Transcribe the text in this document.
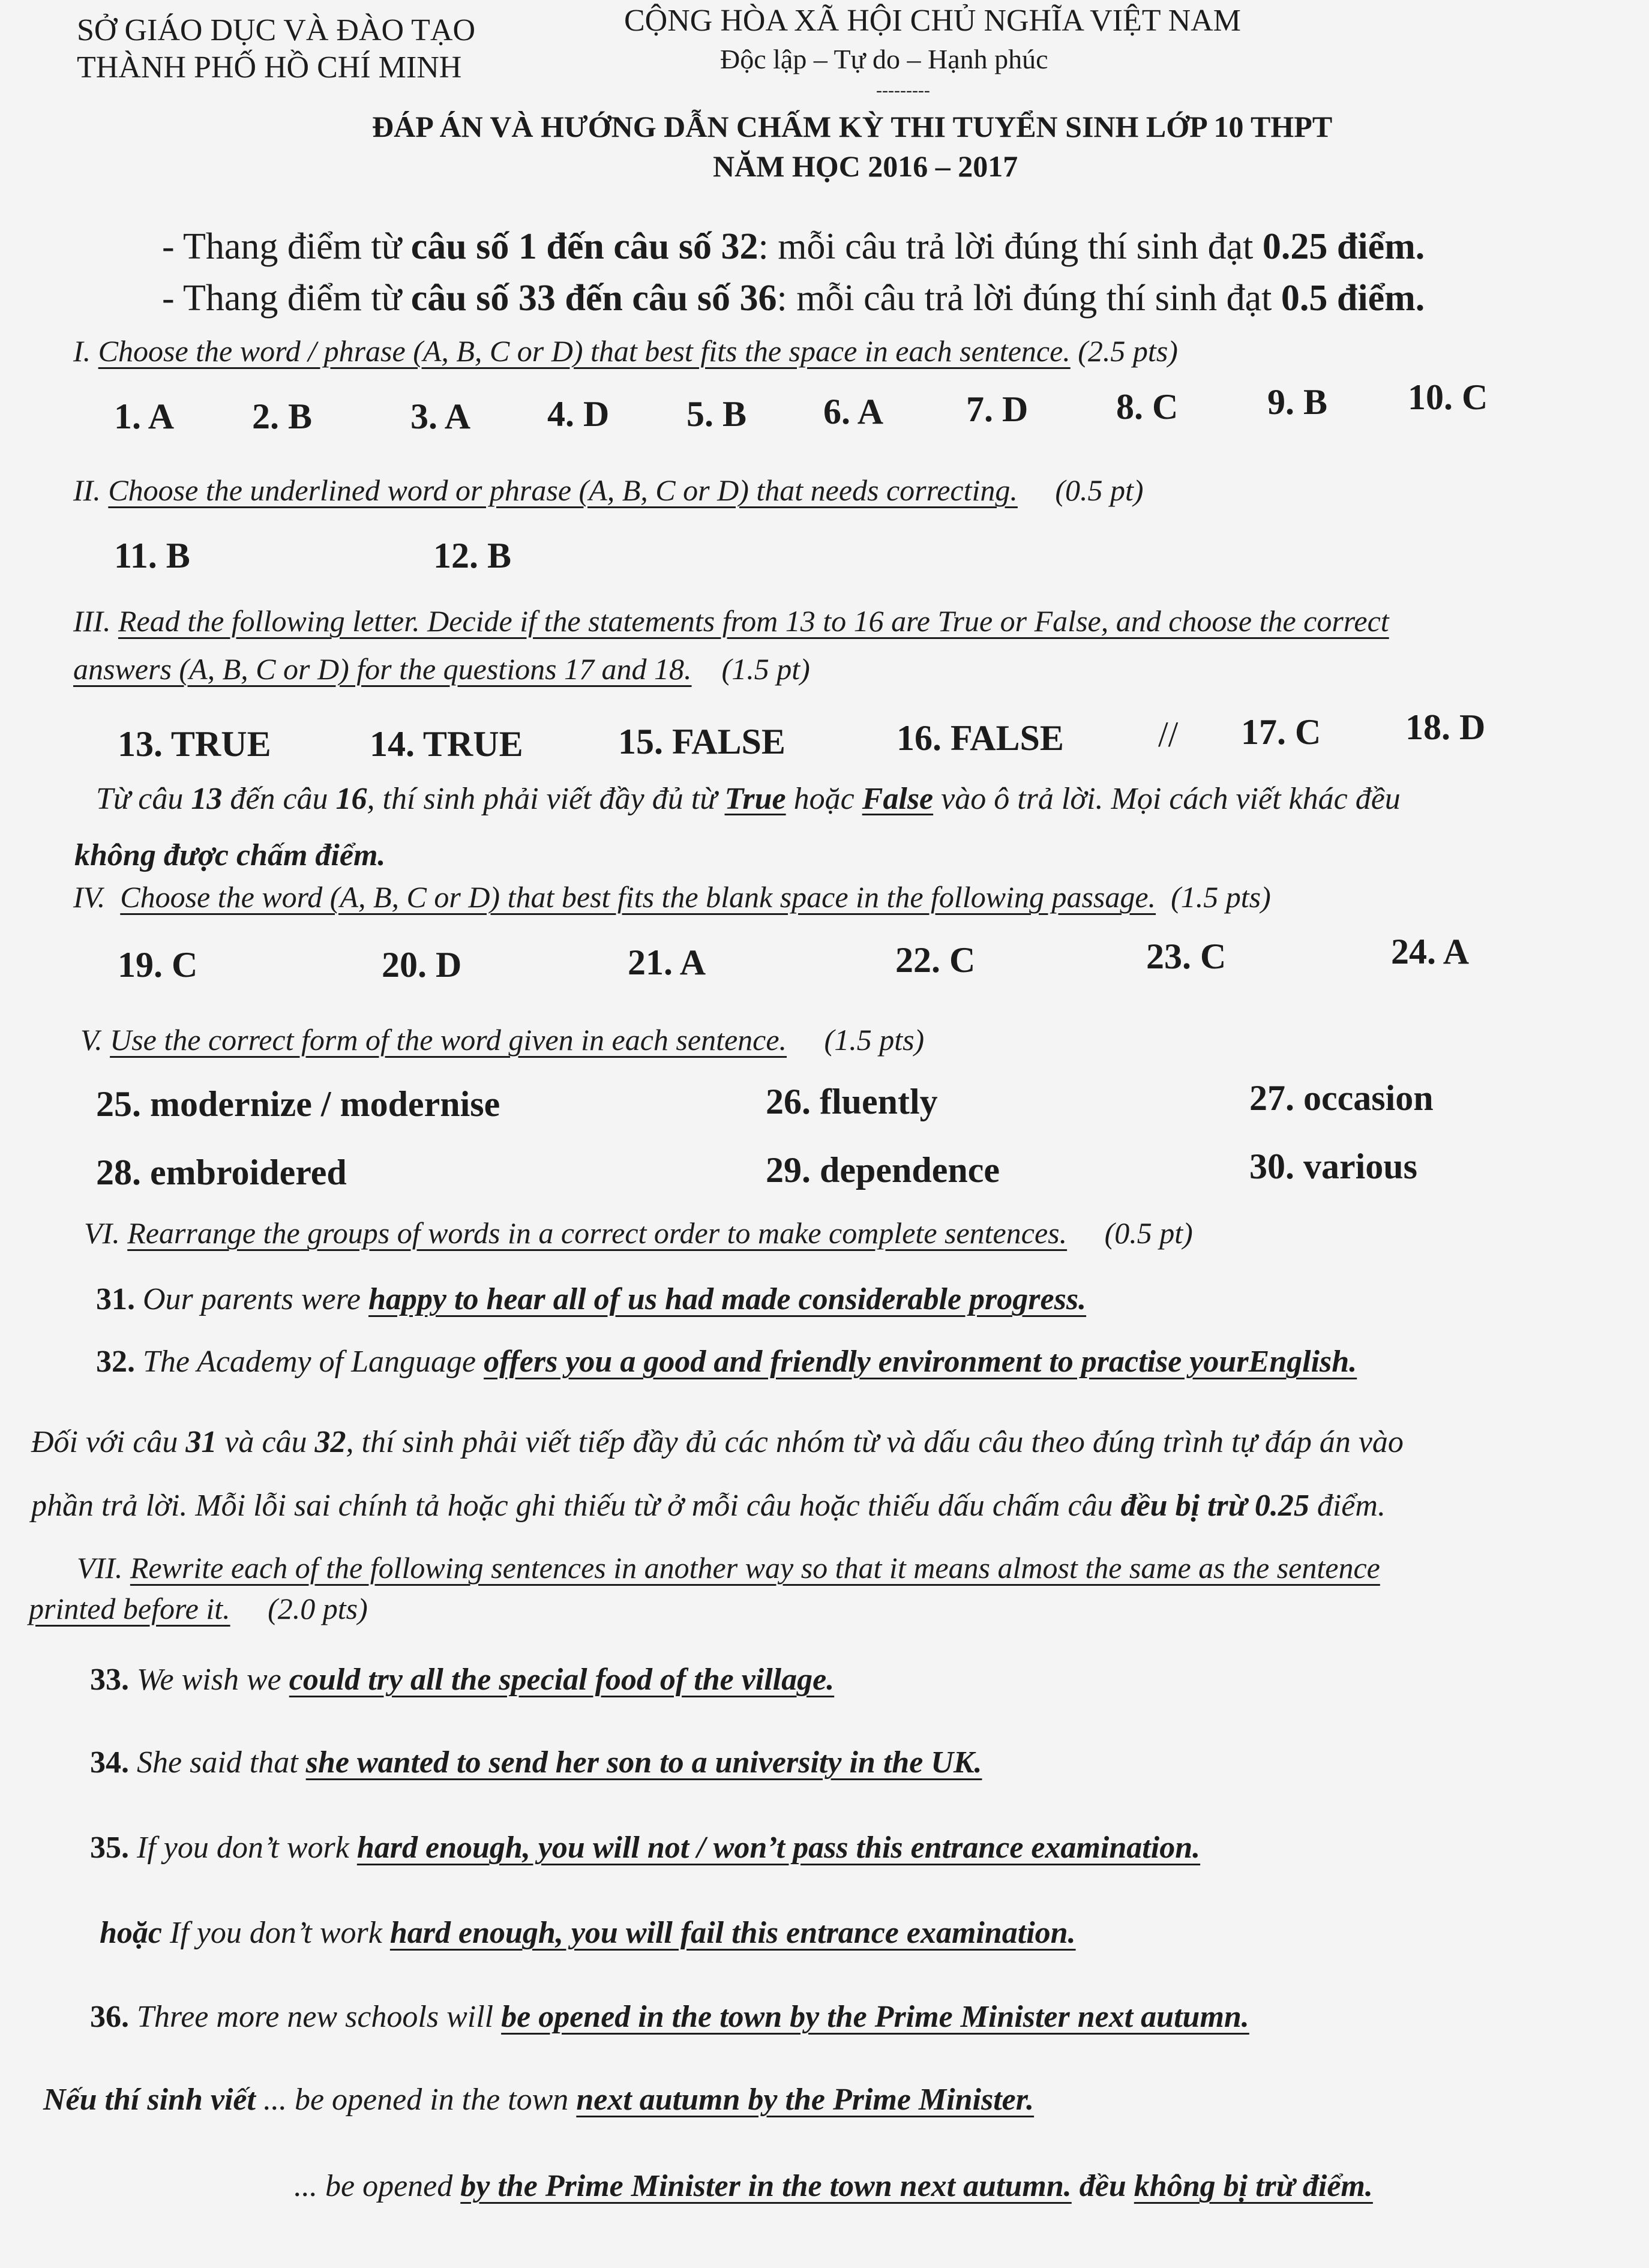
SỞ GIÁO DỤC VÀ ĐÀO TẠO
THÀNH PHỐ HỒ CHÍ MINH
CỘNG HÒA XÃ HỘI CHỦ NGHĨA VIỆT NAM
Độc lập – Tự do – Hạnh phúc
---------
ĐÁP ÁN VÀ HƯỚNG DẪN CHẤM KỲ THI TUYỂN SINH LỚP 10 THPT
NĂM HỌC 2016 – 2017
- Thang điểm từ câu số 1 đến câu số 32: mỗi câu trả lời đúng thí sinh đạt 0.25 điểm.
- Thang điểm từ câu số 33 đến câu số 36: mỗi câu trả lời đúng thí sinh đạt 0.5 điểm.
I. Choose the word / phrase (A, B, C or D) that best fits the space in each sentence. (2.5 pts)
1. A 2. B	3. A 4. D 5. B 6. A 7. D 8. C 9. B 10. C
II. Choose the underlined word or phrase (A, B, C or D) that needs correcting. (0.5 pt)
11. B	12. B
III. Read the following letter. Decide if the statements from 13 to 16 are True or False, and choose the correct
answers (A, B, C or D) for the questions 17 and 18. (1.5 pt)
13. TRUE	14. TRUE	15. FALSE	16. FALSE	// 17. C 18. D
Từ câu 13 đến câu 16, thí sinh phải viết đầy đủ từ True hoặc False vào ô trả lời. Mọi cách viết khác đều
không được chấm điểm.
IV. Choose the word (A, B, C or D) that best fits the blank space in the following passage. (1.5 pts)
19. C	20. D	21. A	22. C	23. C	24. A
V. Use the correct form of the word given in each sentence. (1.5 pts)
25. modernize / modernise	26. fluently	27. occasion
28. embroidered	29. dependence	30. various
VI. Rearrange the groups of words in a correct order to make complete sentences. (0.5 pt)
31. Our parents were happy to hear all of us had made considerable progress.
32. The Academy of Language offers you a good and friendly environment to practise yourEnglish.
Đối với câu 31 và câu 32, thí sinh phải viết tiếp đầy đủ các nhóm từ và dấu câu theo đúng trình tự đáp án vào
phần trả lời. Mỗi lỗi sai chính tả hoặc ghi thiếu từ ở mỗi câu hoặc thiếu dấu chấm câu đều bị trừ 0.25 điểm.
VII. Rewrite each of the following sentences in another way so that it means almost the same as the sentence
printed before it. (2.0 pts)
33. We wish we could try all the special food of the village.
34. She said that she wanted to send her son to a university in the UK.
35. If you don’t work hard enough, you will not / won’t pass this entrance examination.
hoặc If you don’t work hard enough, you will fail this entrance examination.
36. Three more new schools will be opened in the town by the Prime Minister next autumn.
Nếu thí sinh viết ... be opened in the town next autumn by the Prime Minister.
... be opened by the Prime Minister in the town next autumn. đều không bị trừ điểm.
